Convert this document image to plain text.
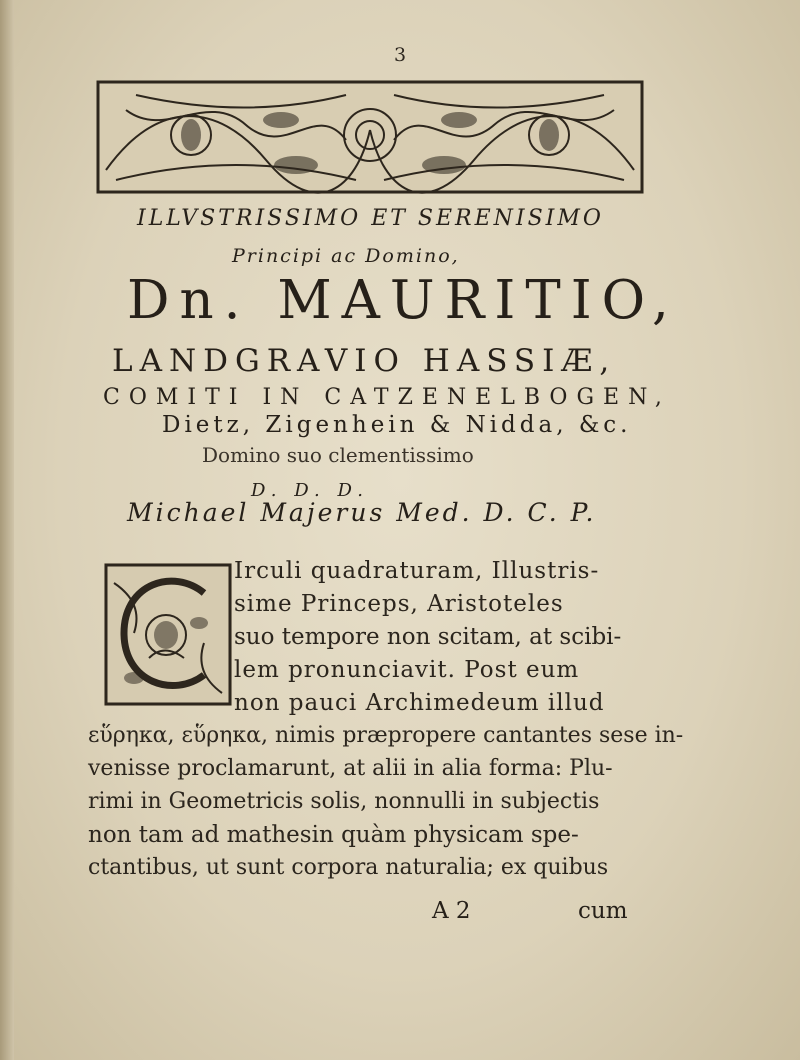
3
ILLVSTRISSIMO ET SERENISIMO
Principi ac Domino,
Dn. MAURITIO,
LANDGRAVIO HASSIÆ,
COMITI IN CATZENELBOGEN,
Dietz, Zigenhein & Nidda, &c.
Domino suo clementissimo
D. D. D.
Michael Majerus Med. D. C. P.
Irculi quadraturam, Illustris-
sime Princeps, Aristoteles
suo tempore non scitam, at scibi-
lem pronunciavit. Post eum
non pauci Archimedeum illud
εὕρηκα, εὕρηκα, nimis præpropere cantantes sese in-
venisse proclamarunt, at alii in alia forma: Plu-
rimi in Geometricis solis, nonnulli in subjectis
non tam ad mathesin quàm physicam spe-
ctantibus, ut sunt corpora naturalia; ex quibus
A 2	cum
